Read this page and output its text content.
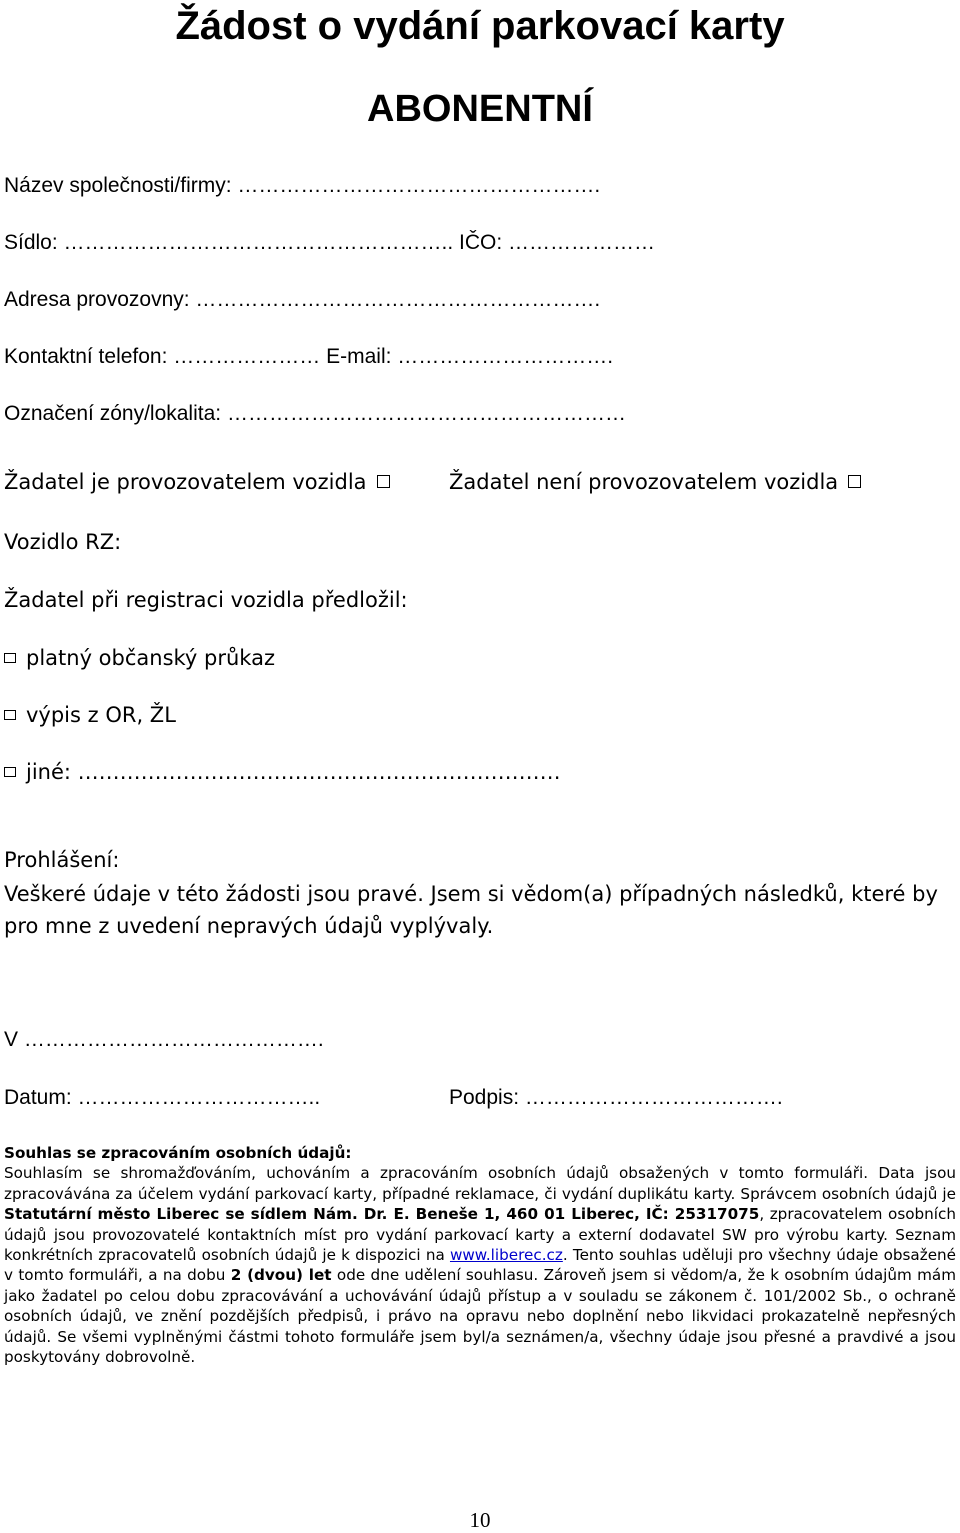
Žádost o vydání parkovací karty
ABONENTNÍ
Název společnosti/firmy: …………………………………………….
Sídlo: ……………………………………………….. IČO: …………………
Adresa provozovny: ………………………………………………….
Kontaktní telefon: ………………… E-mail: ………………………….
Označení zóny/lokalita: …………………………………………………
Žadatel je provozovatelem vozidla	Žadatel není provozovatelem vozidla
Vozidlo RZ:
Žadatel při registraci vozidla předložil:
platný občanský průkaz
výpis z OR, ŽL
jiné: ……………………………………………………………
Prohlášení:
Veškeré údaje v této žádosti jsou pravé. Jsem si vědom(a) případných následků, které by pro mne z uvedení nepravých údajů vyplývaly.
V …………………………………….
Datum: ……………………………..	Podpis: ……………………………….
Souhlas se zpracováním osobních údajů:
Souhlasím se shromažďováním, uchováním a zpracováním osobních údajů obsažených v tomto formuláři. Data jsou zpracovávána za účelem vydání parkovací karty, případné reklamace, či vydání duplikátu karty. Správcem osobních údajů je Statutární město Liberec se sídlem Nám. Dr. E. Beneše 1, 460 01 Liberec, IČ: 25317075, zpracovatelem osobních údajů jsou provozovatelé kontaktních míst pro vydání parkovací karty a externí dodavatel SW pro výrobu karty. Seznam konkrétních zpracovatelů osobních údajů je k dispozici na www.liberec.cz. Tento souhlas uděluji pro všechny údaje obsažené v tomto formuláři, a na dobu 2 (dvou) let ode dne udělení souhlasu. Zároveň jsem si vědom/a, že k osobním údajům mám jako žadatel po celou dobu zpracovávání a uchovávání údajů přístup a v souladu se zákonem č. 101/2002 Sb., o ochraně osobních údajů, ve znění pozdějších předpisů, i právo na opravu nebo doplnění nebo likvidaci prokazatelně nepřesných údajů. Se všemi vyplněnými částmi tohoto formuláře jsem byl/a seznámen/a, všechny údaje jsou přesné a pravdivé a jsou poskytovány dobrovolně.
10
